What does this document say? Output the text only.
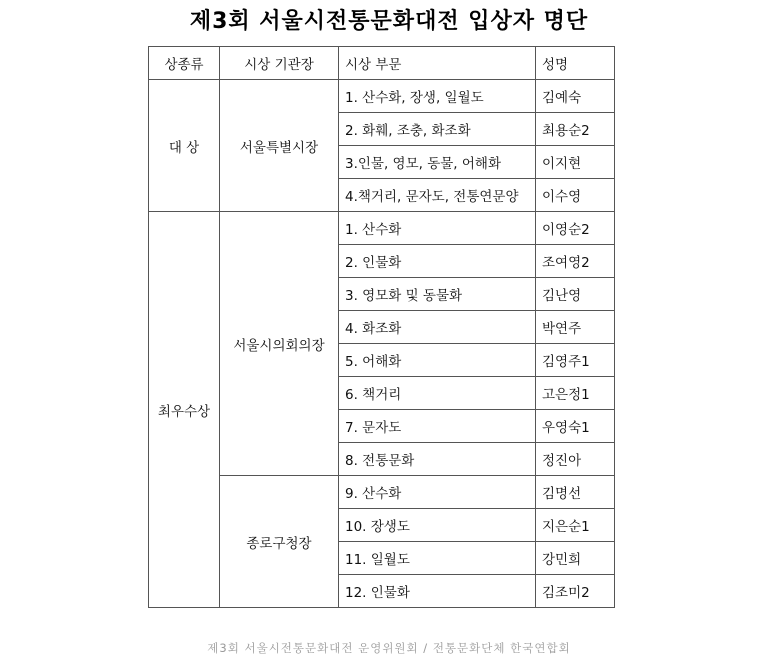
제3회 서울시전통문화대전 입상자 명단
상종류	시상 기관장	시상 부문	성명
대 상	서울특별시장	1. 산수화, 장생, 일월도	김예숙
		2. 화훼, 조충, 화조화	최용순2
		3.인물, 영모, 동물, 어해화	이지현
		4.책거리, 문자도, 전통연문양	이수영
최우수상	서울시의회의장	1. 산수화	이영순2
		2. 인물화	조여영2
		3. 영모화 및 동물화	김난영
		4. 화조화	박연주
		5. 어해화	김영주1
		6. 책거리	고은정1
		7. 문자도	우영숙1
		8. 전통문화	정진아
	종로구청장	9. 산수화	김명선
		10. 장생도	지은순1
		11. 일월도	강민희
		12. 인물화	김조미2
제3회 서울시전통문화대전 운영위원회 / 전통문화단체 한국연합회
